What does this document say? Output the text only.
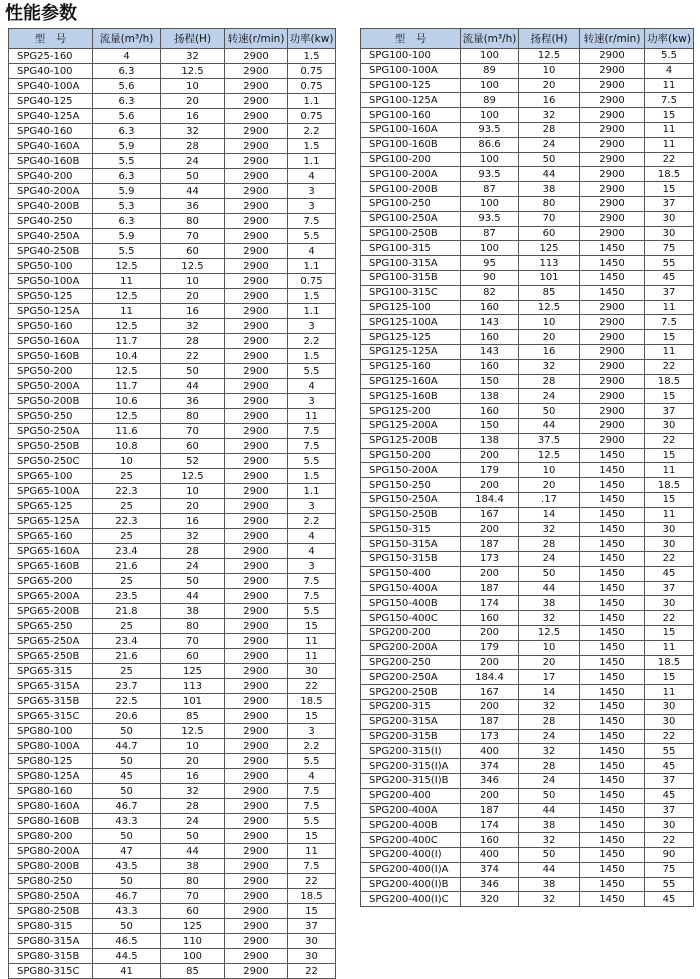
性能参数
型　号	流量(m³/h)	扬程(H)	转速(r/min)	功率(kw)
SPG25-160	4	32	2900	1.5
SPG40-100	6.3	12.5	2900	0.75
SPG40-100A	5.6	10	2900	0.75
SPG40-125	6.3	20	2900	1.1
SPG40-125A	5.6	16	2900	0.75
SPG40-160	6.3	32	2900	2.2
SPG40-160A	5.9	28	2900	1.5
SPG40-160B	5.5	24	2900	1.1
SPG40-200	6.3	50	2900	4
SPG40-200A	5.9	44	2900	3
SPG40-200B	5.3	36	2900	3
SPG40-250	6.3	80	2900	7.5
SPG40-250A	5.9	70	2900	5.5
SPG40-250B	5.5	60	2900	4
SPG50-100	12.5	12.5	2900	1.1
SPG50-100A	11	10	2900	0.75
SPG50-125	12.5	20	2900	1.5
SPG50-125A	11	16	2900	1.1
SPG50-160	12.5	32	2900	3
SPG50-160A	11.7	28	2900	2.2
SPG50-160B	10.4	22	2900	1.5
SPG50-200	12.5	50	2900	5.5
SPG50-200A	11.7	44	2900	4
SPG50-200B	10.6	36	2900	3
SPG50-250	12.5	80	2900	11
SPG50-250A	11.6	70	2900	7.5
SPG50-250B	10.8	60	2900	7.5
SPG50-250C	10	52	2900	5.5
SPG65-100	25	12.5	2900	1.5
SPG65-100A	22.3	10	2900	1.1
SPG65-125	25	20	2900	3
SPG65-125A	22.3	16	2900	2.2
SPG65-160	25	32	2900	4
SPG65-160A	23.4	28	2900	4
SPG65-160B	21.6	24	2900	3
SPG65-200	25	50	2900	7.5
SPG65-200A	23.5	44	2900	7.5
SPG65-200B	21.8	38	2900	5.5
SPG65-250	25	80	2900	15
SPG65-250A	23.4	70	2900	11
SPG65-250B	21.6	60	2900	11
SPG65-315	25	125	2900	30
SPG65-315A	23.7	113	2900	22
SPG65-315B	22.5	101	2900	18.5
SPG65-315C	20.6	85	2900	15
SPG80-100	50	12.5	2900	3
SPG80-100A	44.7	10	2900	2.2
SPG80-125	50	20	2900	5.5
SPG80-125A	45	16	2900	4
SPG80-160	50	32	2900	7.5
SPG80-160A	46.7	28	2900	7.5
SPG80-160B	43.3	24	2900	5.5
SPG80-200	50	50	2900	15
SPG80-200A	47	44	2900	11
SPG80-200B	43.5	38	2900	7.5
SPG80-250	50	80	2900	22
SPG80-250A	46.7	70	2900	18.5
SPG80-250B	43.3	60	2900	15
SPG80-315	50	125	2900	37
SPG80-315A	46.5	110	2900	30
SPG80-315B	44.5	100	2900	30
SPG80-315C	41	85	2900	22
型　号	流量(m³/h)	扬程(H)	转速(r/min)	功率(kw)
SPG100-100	100	12.5	2900	5.5
SPG100-100A	89	10	2900	4
SPG100-125	100	20	2900	11
SPG100-125A	89	16	2900	7.5
SPG100-160	100	32	2900	15
SPG100-160A	93.5	28	2900	11
SPG100-160B	86.6	24	2900	11
SPG100-200	100	50	2900	22
SPG100-200A	93.5	44	2900	18.5
SPG100-200B	87	38	2900	15
SPG100-250	100	80	2900	37
SPG100-250A	93.5	70	2900	30
SPG100-250B	87	60	2900	30
SPG100-315	100	125	1450	75
SPG100-315A	95	113	1450	55
SPG100-315B	90	101	1450	45
SPG100-315C	82	85	1450	37
SPG125-100	160	12.5	2900	11
SPG125-100A	143	10	2900	7.5
SPG125-125	160	20	2900	15
SPG125-125A	143	16	2900	11
SPG125-160	160	32	2900	22
SPG125-160A	150	28	2900	18.5
SPG125-160B	138	24	2900	15
SPG125-200	160	50	2900	37
SPG125-200A	150	44	2900	30
SPG125-200B	138	37.5	2900	22
SPG150-200	200	12.5	1450	15
SPG150-200A	179	10	1450	11
SPG150-250	200	20	1450	18.5
SPG150-250A	184.4	.17	1450	15
SPG150-250B	167	14	1450	11
SPG150-315	200	32	1450	30
SPG150-315A	187	28	1450	30
SPG150-315B	173	24	1450	22
SPG150-400	200	50	1450	45
SPG150-400A	187	44	1450	37
SPG150-400B	174	38	1450	30
SPG150-400C	160	32	1450	22
SPG200-200	200	12.5	1450	15
SPG200-200A	179	10	1450	11
SPG200-250	200	20	1450	18.5
SPG200-250A	184.4	17	1450	15
SPG200-250B	167	14	1450	11
SPG200-315	200	32	1450	30
SPG200-315A	187	28	1450	30
SPG200-315B	173	24	1450	22
SPG200-315(I)	400	32	1450	55
SPG200-315(I)A	374	28	1450	45
SPG200-315(I)B	346	24	1450	37
SPG200-400	200	50	1450	45
SPG200-400A	187	44	1450	37
SPG200-400B	174	38	1450	30
SPG200-400C	160	32	1450	22
SPG200-400(I)	400	50	1450	90
SPG200-400(I)A	374	44	1450	75
SPG200-400(I)B	346	38	1450	55
SPG200-400(I)C	320	32	1450	45
